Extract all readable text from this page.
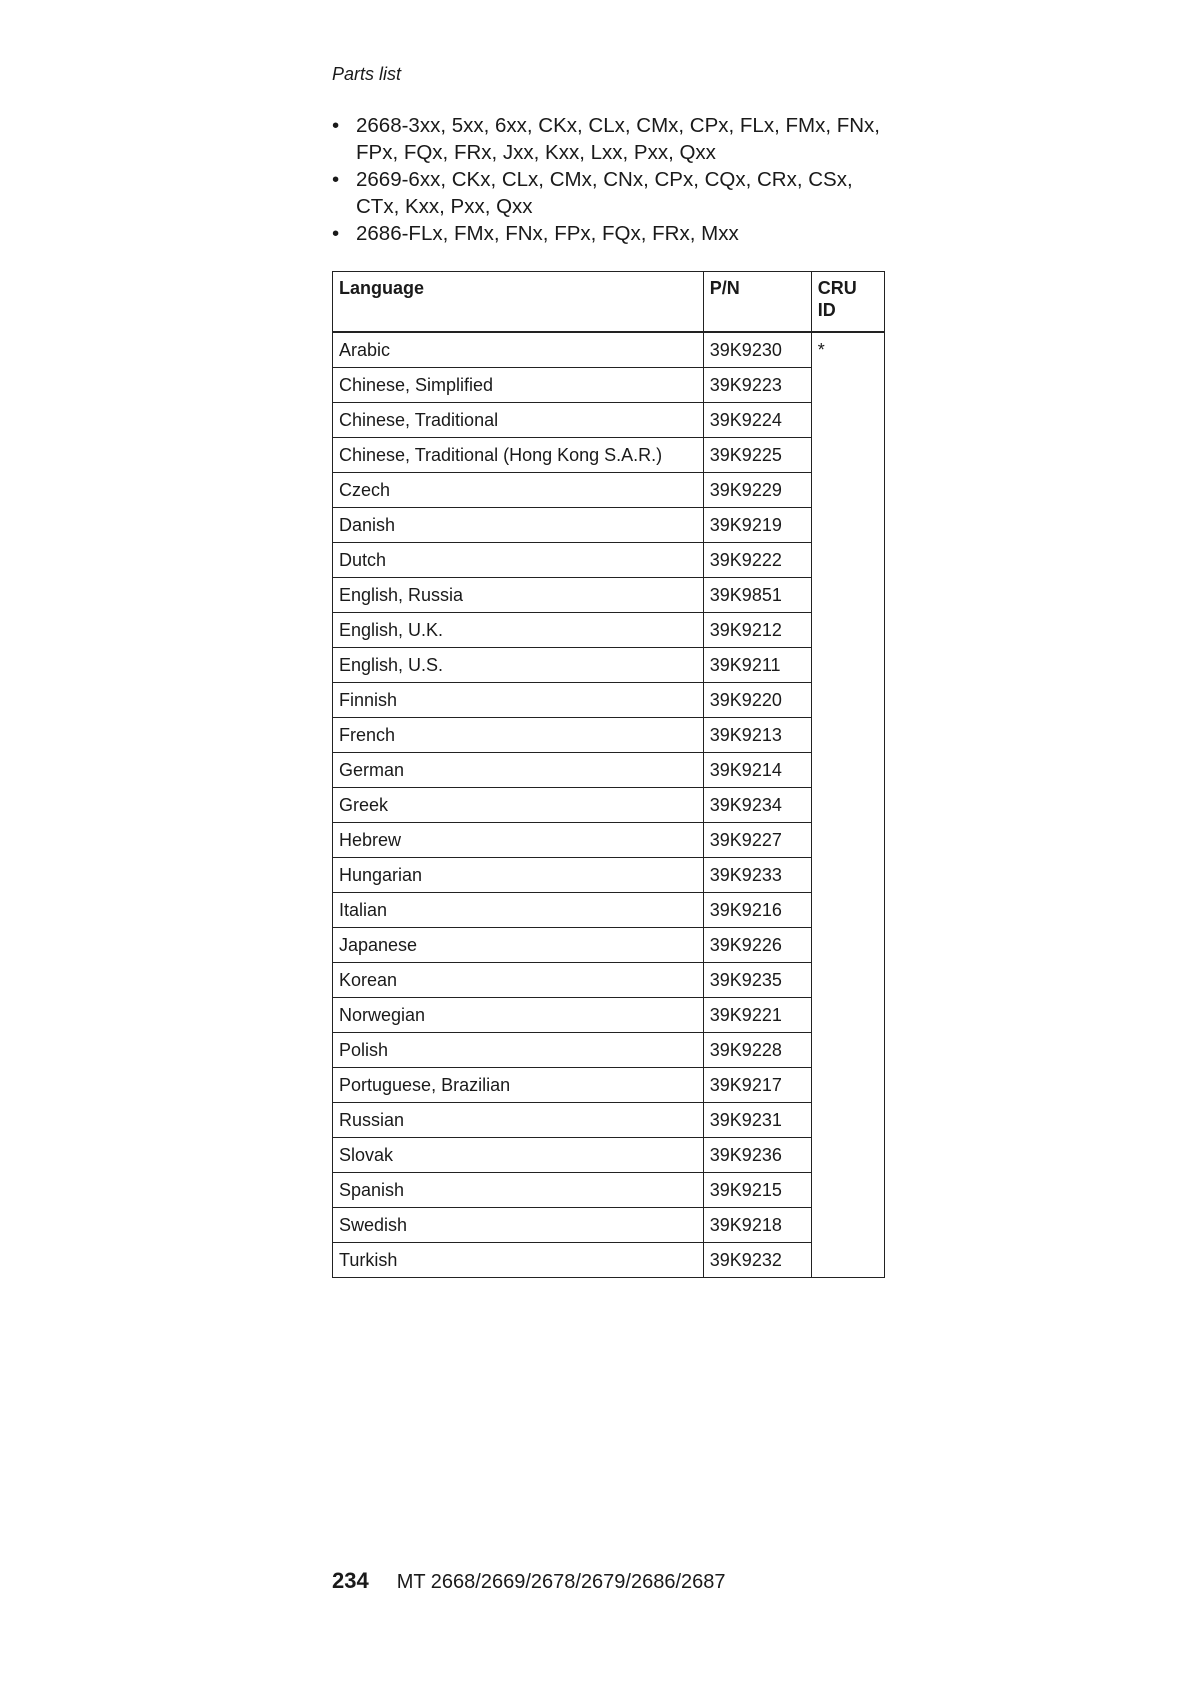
Parts list
• 2668-3xx, 5xx, 6xx, CKx, CLx, CMx, CPx, FLx, FMx, FNx, FPx, FQx, FRx, Jxx, Kxx, Lxx, Pxx, Qxx
• 2669-6xx, CKx, CLx, CMx, CNx, CPx, CQx, CRx, CSx, CTx, Kxx, Pxx, Qxx
• 2686-FLx, FMx, FNx, FPx, FQx, FRx, Mxx
Language	P/N	CRU
ID
Arabic	39K9230	*
Chinese, Simplified	39K9223	
Chinese, Traditional	39K9224	
Chinese, Traditional (Hong Kong S.A.R.)	39K9225	
Czech	39K9229	
Danish	39K9219	
Dutch	39K9222	
English, Russia	39K9851	
English, U.K.	39K9212	
English, U.S.	39K9211	
Finnish	39K9220	
French	39K9213	
German	39K9214	
Greek	39K9234	
Hebrew	39K9227	
Hungarian	39K9233	
Italian	39K9216	
Japanese	39K9226	
Korean	39K9235	
Norwegian	39K9221	
Polish	39K9228	
Portuguese, Brazilian	39K9217	
Russian	39K9231	
Slovak	39K9236	
Spanish	39K9215	
Swedish	39K9218	
Turkish	39K9232	
234 MT 2668/2669/2678/2679/2686/2687
